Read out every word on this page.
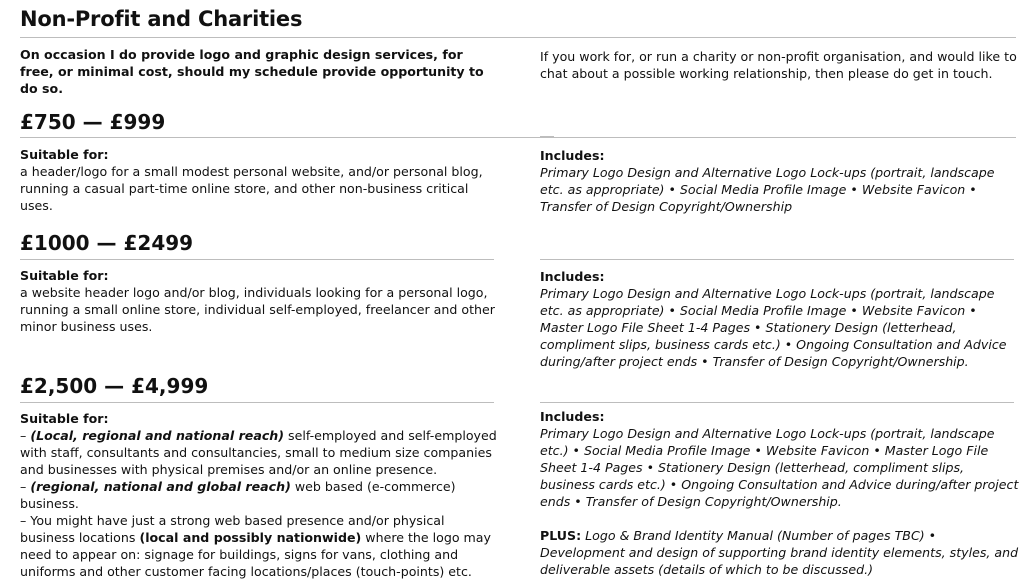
Non-Profit and Charities

On occasion I do provide logo and graphic design services, for free, or minimal cost, should my schedule provide opportunity to do so.

If you work for, or run a charity or non-profit organisation, and would like to chat about a possible working relationship, then please do get in touch.

£750 — £999

Suitable for:

a header/logo for a small modest personal website, and/or personal blog, running a casual part-time online store, and other non-business critical uses.

Includes:

Primary Logo Design and Alternative Logo Lock-ups (portrait, landscape etc. as appropriate) • Social Media Profile Image • Website Favicon • Transfer of Design Copyright/Ownership

£1000 — £2499

Suitable for:

a website header logo and/or blog, individuals looking for a personal logo, running a small online store, individual self-employed, freelancer and other minor business uses.

Includes:

Primary Logo Design and Alternative Logo Lock-ups (portrait, landscape etc. as appropriate) • Social Media Profile Image • Website Favicon • Master Logo File Sheet 1-4 Pages • Stationery Design (letterhead, compliment slips, business cards etc.) • Ongoing Consultation and Advice during/after project ends • Transfer of Design Copyright/Ownership.

£2,500 — £4,999

Suitable for:

– (Local, regional and national reach) self-employed and self-employed with staff, consultants and consultancies, small to medium size companies and businesses with physical premises and/or an online presence.

– (regional, national and global reach) web based (e-commerce) business.

– You might have just a strong web based presence and/or physical business locations (local and possibly nationwide) where the logo may need to appear on: signage for buildings, signs for vans, clothing and uniforms and other customer facing locations/places (touch-points) etc.

Includes:

Primary Logo Design and Alternative Logo Lock-ups (portrait, landscape etc.) • Social Media Profile Image • Website Favicon • Master Logo File Sheet 1-4 Pages • Stationery Design (letterhead, compliment slips, business cards etc.) • Ongoing Consultation and Advice during/after project ends • Transfer of Design Copyright/Ownership.

PLUS: Logo & Brand Identity Manual (Number of pages TBC) • Development and design of supporting brand identity elements, styles, and deliverable assets (details of which to be discussed.)
